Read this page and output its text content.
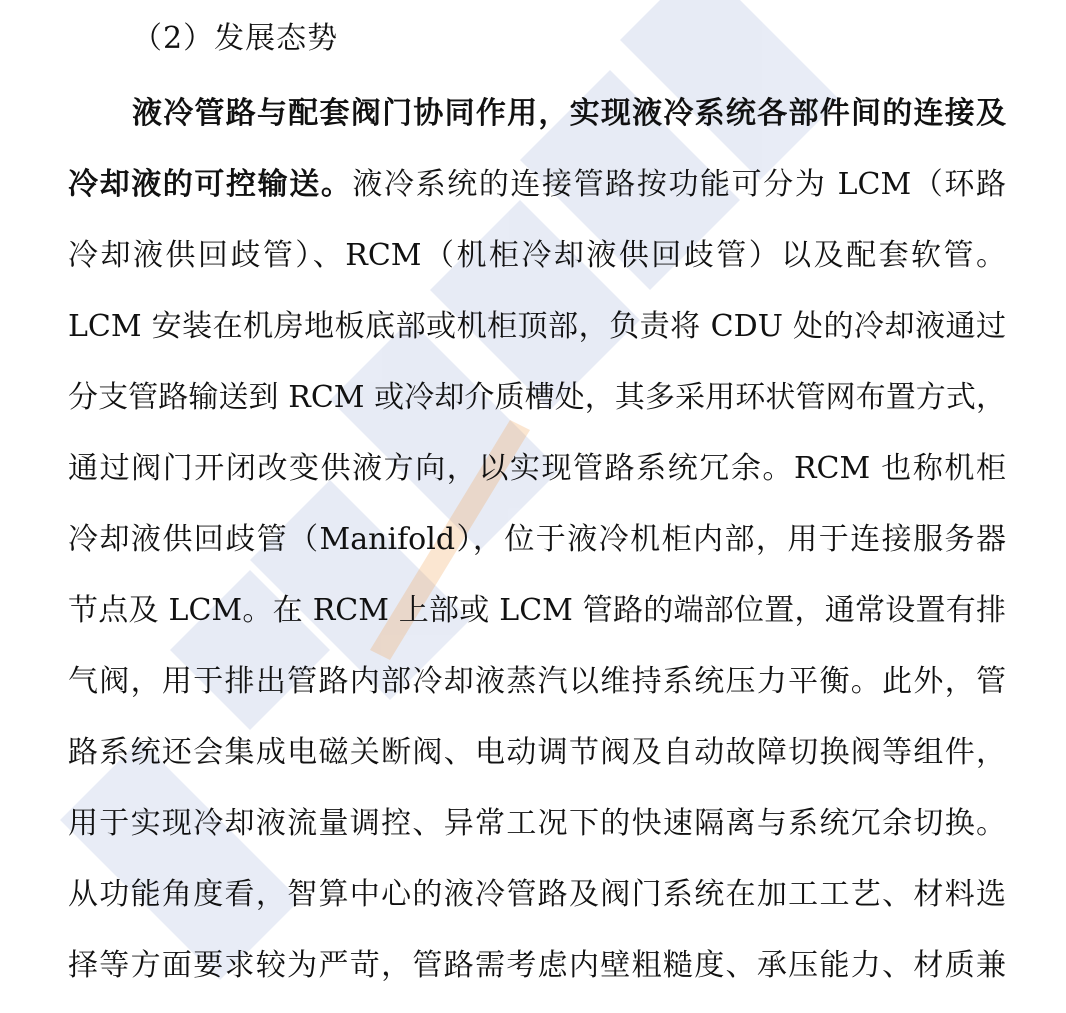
（2）发展态势
液冷管路与配套阀门协同作用，实现液冷系统各部件间的连接及
冷却液的可控输送。液冷系统的连接管路按功能可分为 LCM（环路
冷却液供回歧管）、RCM（机柜冷却液供回歧管）以及配套软管。
LCM 安装在机房地板底部或机柜顶部，负责将 CDU 处的冷却液通过
分支管路输送到 RCM 或冷却介质槽处，其多采用环状管网布置方式，
通过阀门开闭改变供液方向，以实现管路系统冗余。RCM 也称机柜
冷却液供回歧管（Manifold），位于液冷机柜内部，用于连接服务器
节点及 LCM。在 RCM 上部或 LCM 管路的端部位置，通常设置有排
气阀，用于排出管路内部冷却液蒸汽以维持系统压力平衡。此外，管
路系统还会集成电磁关断阀、电动调节阀及自动故障切换阀等组件，
用于实现冷却液流量调控、异常工况下的快速隔离与系统冗余切换。
从功能角度看，智算中心的液冷管路及阀门系统在加工工艺、材料选
择等方面要求较为严苛，管路需考虑内壁粗糙度、承压能力、材质兼
